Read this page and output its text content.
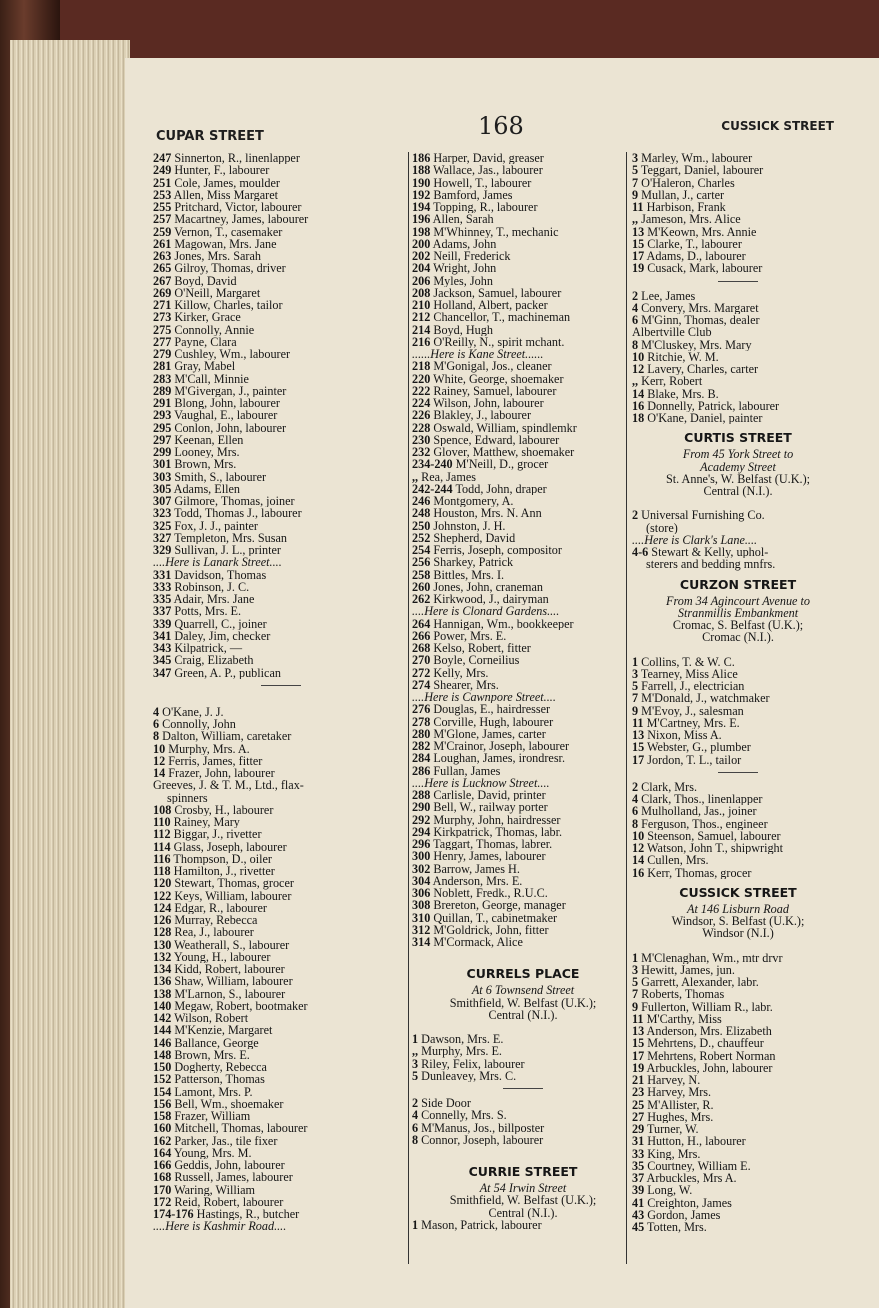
CUPAR STREET	168	CUSSICK STREET
247 Sinnerton, R., linenlapper
249 Hunter, F., labourer
251 Cole, James, moulder
253 Allen, Miss Margaret
255 Pritchard, Victor, labourer
257 Macartney, James, labourer
259 Vernon, T., casemaker
261 Magowan, Mrs. Jane
263 Jones, Mrs. Sarah
265 Gilroy, Thomas, driver
267 Boyd, David
269 O'Neill, Margaret
271 Killow, Charles, tailor
273 Kirker, Grace
275 Connolly, Annie
277 Payne, Clara
279 Cushley, Wm., labourer
281 Gray, Mabel
283 M'Call, Minnie
289 M'Givergan, J., painter
291 Blong, John, labourer
293 Vaughal, E., labourer
295 Conlon, John, labourer
297 Keenan, Ellen
299 Looney, Mrs.
301 Brown, Mrs.
303 Smith, S., labourer
305 Adams, Ellen
307 Gilmore, Thomas, joiner
323 Todd, Thomas J., labourer
325 Fox, J. J., painter
327 Templeton, Mrs. Susan
329 Sullivan, J. L., printer
....Here is Lanark Street....
331 Davidson, Thomas
333 Robinson, J. C.
335 Adair, Mrs. Jane
337 Potts, Mrs. E.
339 Quarrell, C., joiner
341 Daley, Jim, checker
343 Kilpatrick, —
345 Craig, Elizabeth
347 Green, A. P., publican
4 O'Kane, J. J.
6 Connolly, John
8 Dalton, William, caretaker
10 Murphy, Mrs. A.
12 Ferris, James, fitter
14 Frazer, John, labourer
Greeves, J. & T. M., Ltd., flax-
spinners
108 Crosby, H., labourer
110 Rainey, Mary
112 Biggar, J., rivetter
114 Glass, Joseph, labourer
116 Thompson, D., oiler
118 Hamilton, J., rivetter
120 Stewart, Thomas, grocer
122 Keys, William, labourer
124 Edgar, R., labourer
126 Murray, Rebecca
128 Rea, J., labourer
130 Weatherall, S., labourer
132 Young, H., labourer
134 Kidd, Robert, labourer
136 Shaw, William, labourer
138 M'Larnon, S., labourer
140 Megaw, Robert, bootmaker
142 Wilson, Robert
144 M'Kenzie, Margaret
146 Ballance, George
148 Brown, Mrs. E.
150 Dogherty, Rebecca
152 Patterson, Thomas
154 Lamont, Mrs. P.
156 Bell, Wm., shoemaker
158 Frazer, William
160 Mitchell, Thomas, labourer
162 Parker, Jas., tile fixer
164 Young, Mrs. M.
166 Geddis, John, labourer
168 Russell, James, labourer
170 Waring, William
172 Reid, Robert, labourer
174-176 Hastings, R., butcher
....Here is Kashmir Road....
186 Harper, David, greaser
188 Wallace, Jas., labourer
190 Howell, T., labourer
192 Bamford, James
194 Topping, R., labourer
196 Allen, Sarah
198 M'Whinney, T., mechanic
200 Adams, John
202 Neill, Frederick
204 Wright, John
206 Myles, John
208 Jackson, Samuel, labourer
210 Holland, Albert, packer
212 Chancellor, T., machineman
214 Boyd, Hugh
216 O'Reilly, N., spirit mchant.
......Here is Kane Street......
218 M'Gonigal, Jos., cleaner
220 White, George, shoemaker
222 Rainey, Samuel, labourer
224 Wilson, John, labourer
226 Blakley, J., labourer
228 Oswald, William, spindlemkr
230 Spence, Edward, labourer
232 Glover, Matthew, shoemaker
234-240 M'Neill, D., grocer
,, Rea, James
242-244 Todd, John, draper
246 Montgomery, A.
248 Houston, Mrs. N. Ann
250 Johnston, J. H.
252 Shepherd, David
254 Ferris, Joseph, compositor
256 Sharkey, Patrick
258 Bittles, Mrs. I.
260 Jones, John, craneman
262 Kirkwood, J., dairyman
....Here is Clonard Gardens....
264 Hannigan, Wm., bookkeeper
266 Power, Mrs. E.
268 Kelso, Robert, fitter
270 Boyle, Corneilius
272 Kelly, Mrs.
274 Shearer, Mrs.
....Here is Cawnpore Street....
276 Douglas, E., hairdresser
278 Corville, Hugh, labourer
280 M'Glone, James, carter
282 M'Crainor, Joseph, labourer
284 Loughan, James, irondresr.
286 Fullan, James
....Here is Lucknow Street....
288 Carlisle, David, printer
290 Bell, W., railway porter
292 Murphy, John, hairdresser
294 Kirkpatrick, Thomas, labr.
296 Taggart, Thomas, labrer.
300 Henry, James, labourer
302 Barrow, James H.
304 Anderson, Mrs. E.
306 Noblett, Fredk., R.U.C.
308 Brereton, George, manager
310 Quillan, T., cabinetmaker
312 M'Goldrick, John, fitter
314 M'Cormack, Alice
CURRELS PLACE
At 6 Townsend Street
Smithfield, W. Belfast (U.K.);
Central (N.I.).
1 Dawson, Mrs. E.
,, Murphy, Mrs. E.
3 Riley, Felix, labourer
5 Dunleavey, Mrs. C.
2 Side Door
4 Connelly, Mrs. S.
6 M'Manus, Jos., billposter
8 Connor, Joseph, labourer
CURRIE STREET
At 54 Irwin Street
Smithfield, W. Belfast (U.K.);
Central (N.I.).
1 Mason, Patrick, labourer
3 Marley, Wm., labourer
5 Teggart, Daniel, labourer
7 O'Haleron, Charles
9 Mullan, J., carter
11 Harbison, Frank
,, Jameson, Mrs. Alice
13 M'Keown, Mrs. Annie
15 Clarke, T., labourer
17 Adams, D., labourer
19 Cusack, Mark, labourer
2 Lee, James
4 Convery, Mrs. Margaret
6 M'Ginn, Thomas, dealer
Albertville Club
8 M'Cluskey, Mrs. Mary
10 Ritchie, W. M.
12 Lavery, Charles, carter
,, Kerr, Robert
14 Blake, Mrs. B.
16 Donnelly, Patrick, labourer
18 O'Kane, Daniel, painter
CURTIS STREET
From 45 York Street to
Academy Street
St. Anne's, W. Belfast (U.K.);
Central (N.I.).
2 Universal Furnishing Co.
(store)
....Here is Clark's Lane....
4-6 Stewart & Kelly, uphol-
sterers and bedding mnfrs.
CURZON STREET
From 34 Agincourt Avenue to
Stranmillis Embankment
Cromac, S. Belfast (U.K.);
Cromac (N.I.).
1 Collins, T. & W. C.
3 Tearney, Miss Alice
5 Farrell, J., electrician
7 M'Donald, J., watchmaker
9 M'Evoy, J., salesman
11 M'Cartney, Mrs. E.
13 Nixon, Miss A.
15 Webster, G., plumber
17 Jordon, T. L., tailor
2 Clark, Mrs.
4 Clark, Thos., linenlapper
6 Mulholland, Jas., joiner
8 Ferguson, Thos., engineer
10 Steenson, Samuel, labourer
12 Watson, John T., shipwright
14 Cullen, Mrs.
16 Kerr, Thomas, grocer
CUSSICK STREET
At 146 Lisburn Road
Windsor, S. Belfast (U.K.);
Windsor (N.I.)
1 M'Clenaghan, Wm., mtr drvr
3 Hewitt, James, jun.
5 Garrett, Alexander, labr.
7 Roberts, Thomas
9 Fullerton, William R., labr.
11 M'Carthy, Miss
13 Anderson, Mrs. Elizabeth
15 Mehrtens, D., chauffeur
17 Mehrtens, Robert Norman
19 Arbuckles, John, labourer
21 Harvey, N.
23 Harvey, Mrs.
25 M'Allister, R.
27 Hughes, Mrs.
29 Turner, W.
31 Hutton, H., labourer
33 King, Mrs.
35 Courtney, William E.
37 Arbuckles, Mrs A.
39 Long, W.
41 Creighton, James
43 Gordon, James
45 Totten, Mrs.
